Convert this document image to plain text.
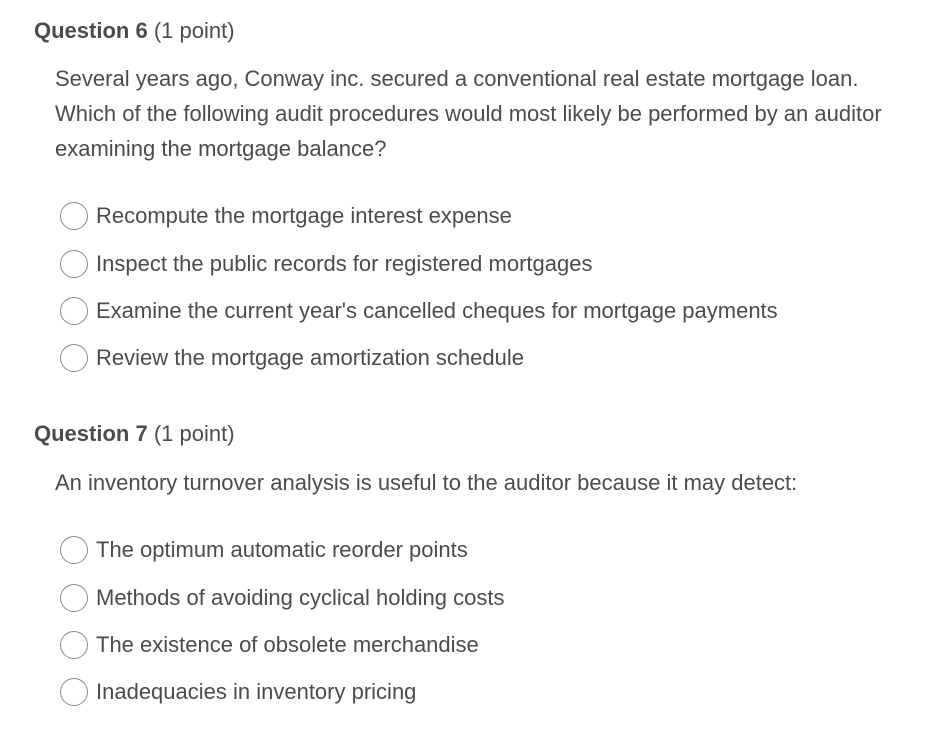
Question 6 (1 point)
Several years ago, Conway inc. secured a conventional real estate mortgage loan. Which of the following audit procedures would most likely be performed by an auditor examining the mortgage balance?
Recompute the mortgage interest expense
Inspect the public records for registered mortgages
Examine the current year's cancelled cheques for mortgage payments
Review the mortgage amortization schedule
Question 7 (1 point)
An inventory turnover analysis is useful to the auditor because it may detect:
The optimum automatic reorder points
Methods of avoiding cyclical holding costs
The existence of obsolete merchandise
Inadequacies in inventory pricing
